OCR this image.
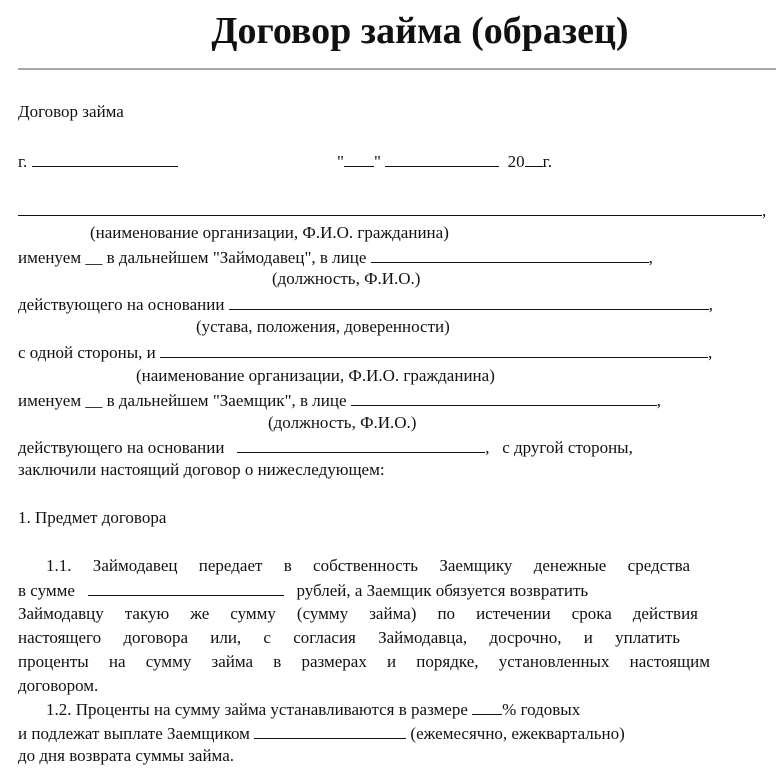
Договор займа (образец)
Договор займа
г.	" "	20 г.
,
(наименование организации, Ф.И.О. гражданина)
именуем __ в дальнейшем "Займодавец", в лице	,
(должность, Ф.И.О.)
действующего на основании	,
(устава, положения, доверенности)
с одной стороны, и	,
(наименование организации, Ф.И.О. гражданина)
именуем __ в дальнейшем "Заемщик", в лице	,
(должность, Ф.И.О.)
действующего на основании	, с другой стороны,
заключили настоящий договор о нижеследующем:
1. Предмет договора
1.1. Займодавец передает в собственность Заемщику денежные средства
в сумме	рублей, а Заемщик обязуется возвратить
Займодавцу такую же сумму (сумму займа) по истечении срока действия
настоящего договора или, с согласия Займодавца, досрочно, и уплатить
проценты на сумму займа в размерах и порядке, установленных настоящим
договором.
1.2. Проценты на сумму займа устанавливаются в размере % годовых
и подлежат выплате Заемщиком	(ежемесячно, ежеквартально)
до дня возврата суммы займа.
